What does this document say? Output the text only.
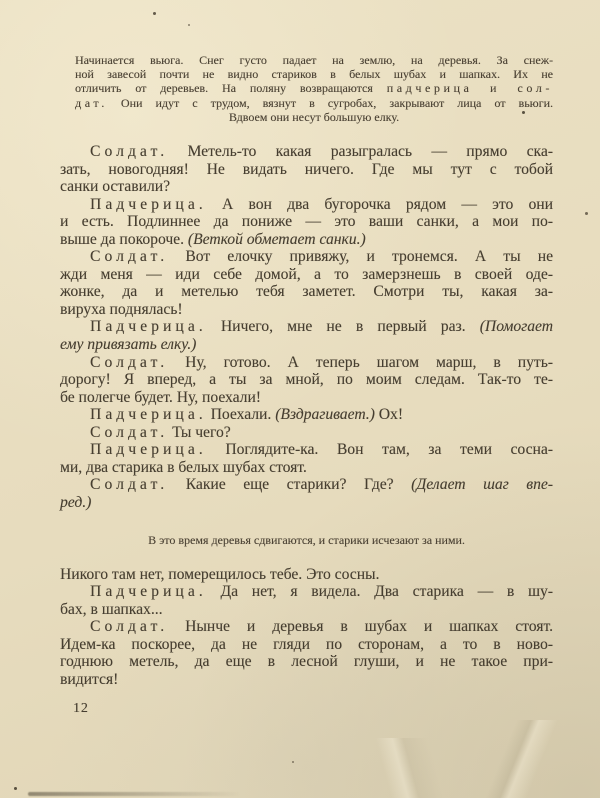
Начинается вьюга. Снег густо падает на землю, на деревья. За снеж-
ной завесой почти не видно стариков в белых шубах и шапках. Их не
отличить от деревьев. На поляну возвращаются падчерица и сол-
дат. Они идут с трудом, вязнут в сугробах, закрывают лица от вьюги.
Вдвоем они несут большую елку.
Солдат. Метель-то какая разыгралась — прямо ска-
зать, новогодняя! Не видать ничего. Где мы тут с тобой
санки оставили?
Падчерица. А вон два бугорочка рядом — это они
и есть. Подлиннее да пониже — это ваши санки, а мои по-
выше да покороче. (Веткой обметает санки.)
Солдат. Вот елочку привяжу, и тронемся. А ты не
жди меня — иди себе домой, а то замерзнешь в своей оде-
жонке, да и метелью тебя заметет. Смотри ты, какая за-
вируха поднялась!
Падчерица. Ничего, мне не в первый раз. (Помогает
ему привязать елку.)
Солдат. Ну, готово. А теперь шагом марш, в путь-
дорогу! Я вперед, а ты за мной, по моим следам. Так-то те-
бе полегче будет. Ну, поехали!
Падчерица. Поехали. (Вздрагивает.) Ох!
Солдат. Ты чего?
Падчерица. Поглядите-ка. Вон там, за теми сосна-
ми, два старика в белых шубах стоят.
Солдат. Какие еще старики? Где? (Делает шаг впе-
ред.)
В это время деревья сдвигаются, и старики исчезают за ними.
Никого там нет, померещилось тебе. Это сосны.
Падчерица. Да нет, я видела. Два старика — в шу-
бах, в шапках...
Солдат. Нынче и деревья в шубах и шапках стоят.
Идем-ка поскорее, да не гляди по сторонам, а то в ново-
годнюю метель, да еще в лесной глуши, и не такое при-
видится!
12
